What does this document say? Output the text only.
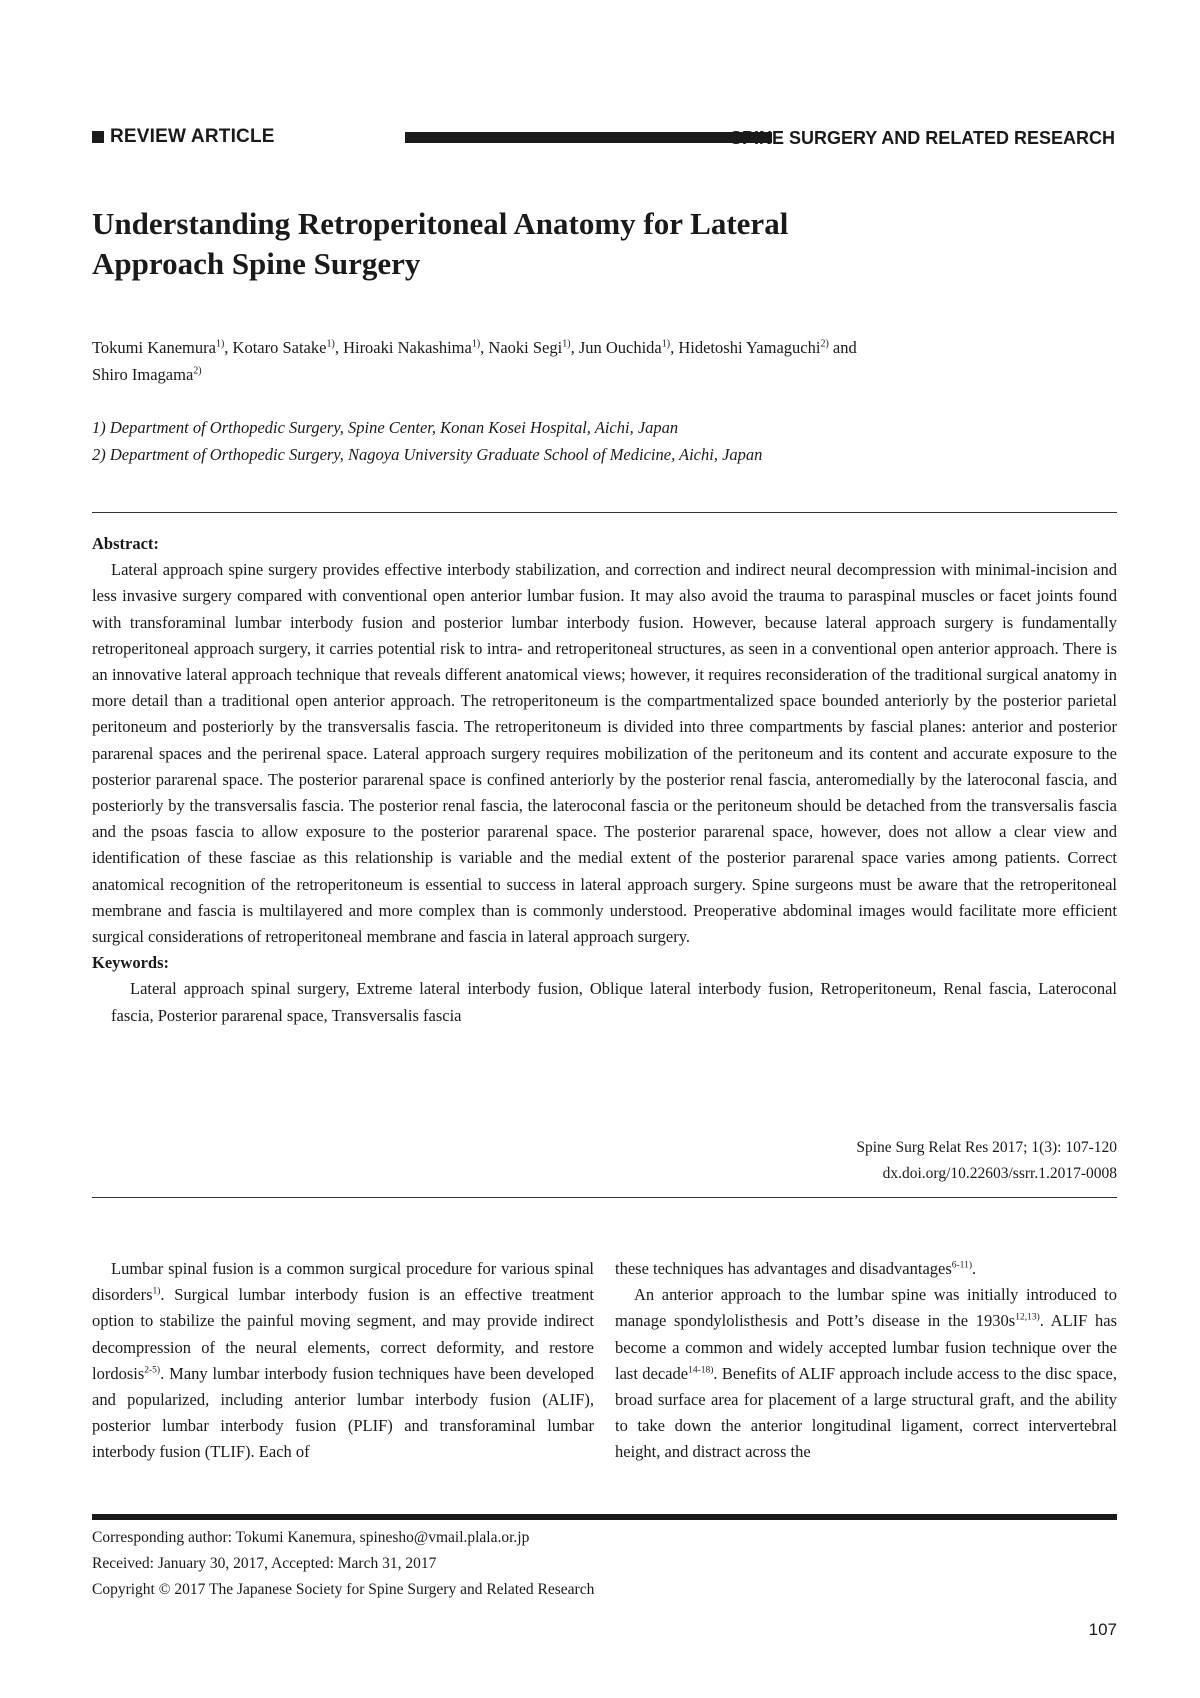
REVIEW ARTICLE	SPINE SURGERY AND RELATED RESEARCH
Understanding Retroperitoneal Anatomy for Lateral
Approach Spine Surgery
Tokumi Kanemura$^{1)}$, Kotaro Satake$^{1)}$, Hiroaki Nakashima$^{1)}$, Naoki Segi$^{1)}$, Jun Ouchida$^{1)}$, Hidetoshi Yamaguchi$^{2)}$ and
Shiro Imagama$^{2)}$
1) Department of Orthopedic Surgery, Spine Center, Konan Kosei Hospital, Aichi, Japan
2) Department of Orthopedic Surgery, Nagoya University Graduate School of Medicine, Aichi, Japan
Abstract:

Lateral approach spine surgery provides effective interbody stabilization, and correction and indirect neural decompression with minimal-incision and less invasive surgery compared with conventional open anterior lumbar fusion. It may also avoid the trauma to paraspinal muscles or facet joints found with transforaminal lumbar interbody fusion and posterior lumbar interbody fusion. However, because lateral approach surgery is fundamentally retroperitoneal approach surgery, it carries potential risk to intra- and retroperitoneal structures, as seen in a conventional open anterior approach. There is an innovative lateral approach technique that reveals different anatomical views; however, it requires reconsideration of the traditional surgical anatomy in more detail than a traditional open anterior approach. The retroperitoneum is the compartmentalized space bounded anteriorly by the posterior parietal peritoneum and posteriorly by the transversalis fascia. The retroperitoneum is divided into three compartments by fascial planes: anterior and posterior pararenal spaces and the perirenal space. Lateral approach surgery requires mobilization of the peritoneum and its content and accurate exposure to the posterior pararenal space. The posterior pararenal space is confined anteriorly by the posterior renal fascia, anteromedially by the lateroconal fascia, and posteriorly by the transversalis fascia. The posterior renal fascia, the lateroconal fascia or the peritoneum should be detached from the transversalis fascia and the psoas fascia to allow exposure to the posterior pararenal space. The posterior pararenal space, however, does not allow a clear view and identification of these fasciae as this relationship is variable and the medial extent of the posterior pararenal space varies among patients. Correct anatomical recognition of the retroperitoneum is essential to success in lateral approach surgery. Spine surgeons must be aware that the retroperitoneal membrane and fascia is multilayered and more complex than is commonly understood. Preoperative abdominal images would facilitate more efficient surgical considerations of retroperitoneal membrane and fascia in lateral approach surgery.

Keywords:

Lateral approach spinal surgery, Extreme lateral interbody fusion, Oblique lateral interbody fusion, Retroperitoneum, Renal fascia, Lateroconal fascia, Posterior pararenal space, Transversalis fascia

Spine Surg Relat Res 2017; 1(3): 107-120
dx.doi.org/10.22603/ssrr.1.2017-0008

Lumbar spinal fusion is a common surgical procedure for various spinal disorders$^{1)}$. Surgical lumbar interbody fusion is an effective treatment option to stabilize the painful moving segment, and may provide indirect decompression of the neural elements, correct deformity, and restore lordosis$^{2-5)}$. Many lumbar interbody fusion techniques have been developed and popularized, including anterior lumbar interbody fusion (ALIF), posterior lumbar interbody fusion (PLIF) and transforaminal lumbar interbody fusion (TLIF). Each of

these techniques has advantages and disadvantages$^{6-11)}$.

An anterior approach to the lumbar spine was initially introduced to manage spondylolisthesis and Pott’s disease in the $1930s^{12,13)}$. ALIF has become a common and widely accepted lumbar fusion technique over the last decade$^{14-18)}$. Benefits of ALIF approach include access to the disc space, broad surface area for placement of a large structural graft, and the ability to take down the anterior longitudinal ligament, correct intervertebral height, and distract across the

Corresponding author: Tokumi Kanemura, spinesho@vmail.plala.or.jp
Received: January 30, 2017, Accepted: March 31, 2017
Copyright © 2017 The Japanese Society for Spine Surgery and Related Research
107
